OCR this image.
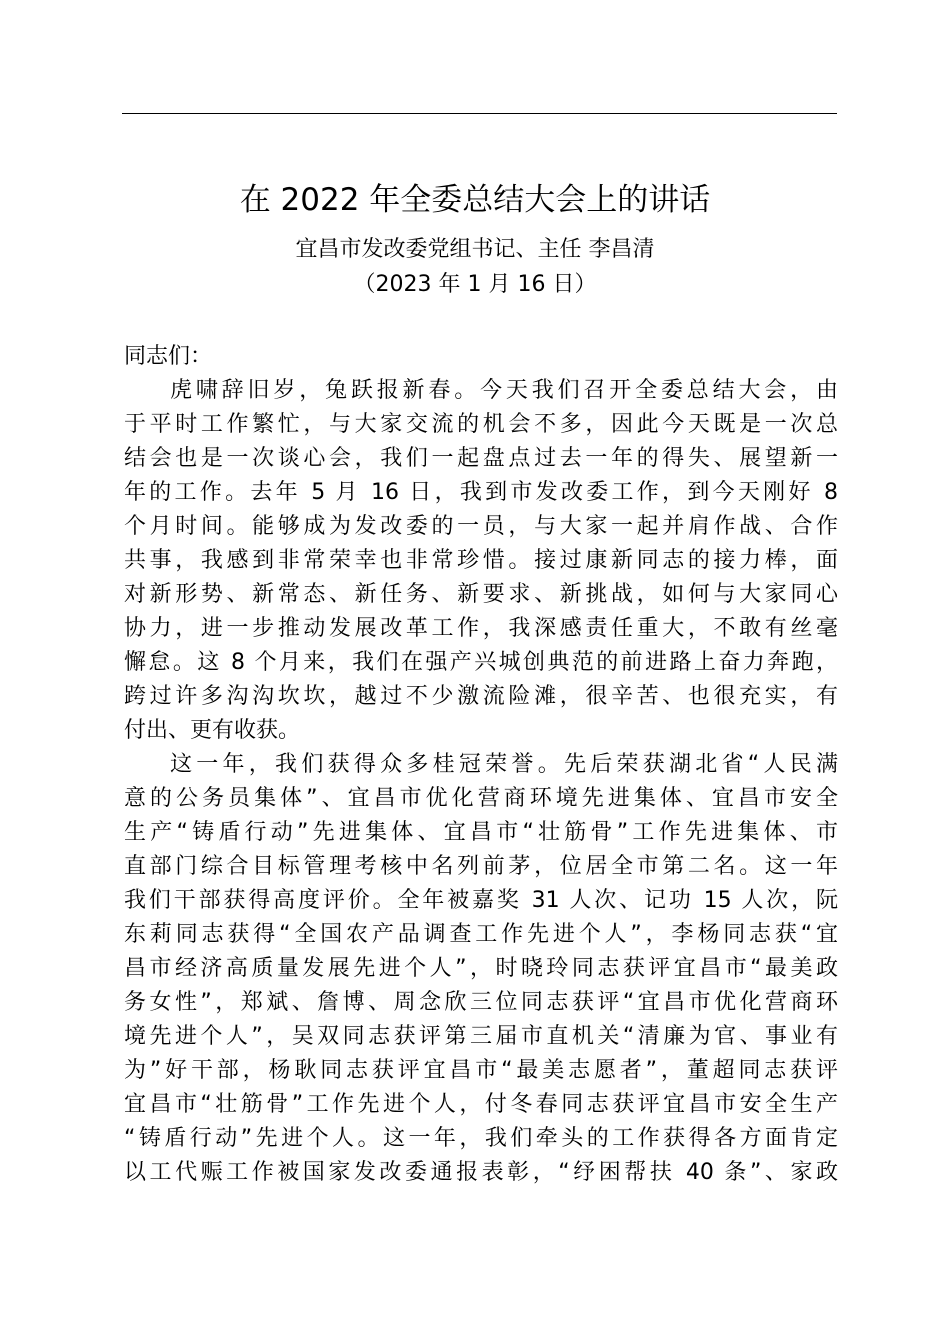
在 2022 年全委总结大会上的讲话
宜昌市发改委党组书记、主任 李昌清
（2023 年 1 月 16 日）
同志们：
虎啸辞旧岁，兔跃报新春。今天我们召开全委总结大会，由
于平时工作繁忙，与大家交流的机会不多，因此今天既是一次总
结会也是一次谈心会，我们一起盘点过去一年的得失、展望新一
年的工作。去年 5 月 16 日，我到市发改委工作，到今天刚好 8
个月时间。能够成为发改委的一员，与大家一起并肩作战、合作
共事，我感到非常荣幸也非常珍惜。接过康新同志的接力棒，面
对新形势、新常态、新任务、新要求、新挑战，如何与大家同心
协力，进一步推动发展改革工作，我深感责任重大，不敢有丝毫
懈怠。这 8 个月来，我们在强产兴城创典范的前进路上奋力奔跑，
跨过许多沟沟坎坎，越过不少激流险滩，很辛苦、也很充实，有
付出、更有收获。
这一年，我们获得众多桂冠荣誉。先后荣获湖北省“人民满
意的公务员集体”、宜昌市优化营商环境先进集体、宜昌市安全
生产“铸盾行动”先进集体、宜昌市“壮筋骨”工作先进集体、市
直部门综合目标管理考核中名列前茅，位居全市第二名。这一年
我们干部获得高度评价。全年被嘉奖 31 人次、记功 15 人次，阮
东莉同志获得“全国农产品调查工作先进个人”，李杨同志获“宜
昌市经济高质量发展先进个人”，时晓玲同志获评宜昌市“最美政
务女性”，郑斌、詹博、周念欣三位同志获评“宜昌市优化营商环
境先进个人”，吴双同志获评第三届市直机关“清廉为官、事业有
为”好干部，杨耿同志获评宜昌市“最美志愿者”，董超同志获评
宜昌市“壮筋骨”工作先进个人，付冬春同志获评宜昌市安全生产
“铸盾行动”先进个人。这一年，我们牵头的工作获得各方面肯定
以工代赈工作被国家发改委通报表彰，“纾困帮扶 40 条”、家政
